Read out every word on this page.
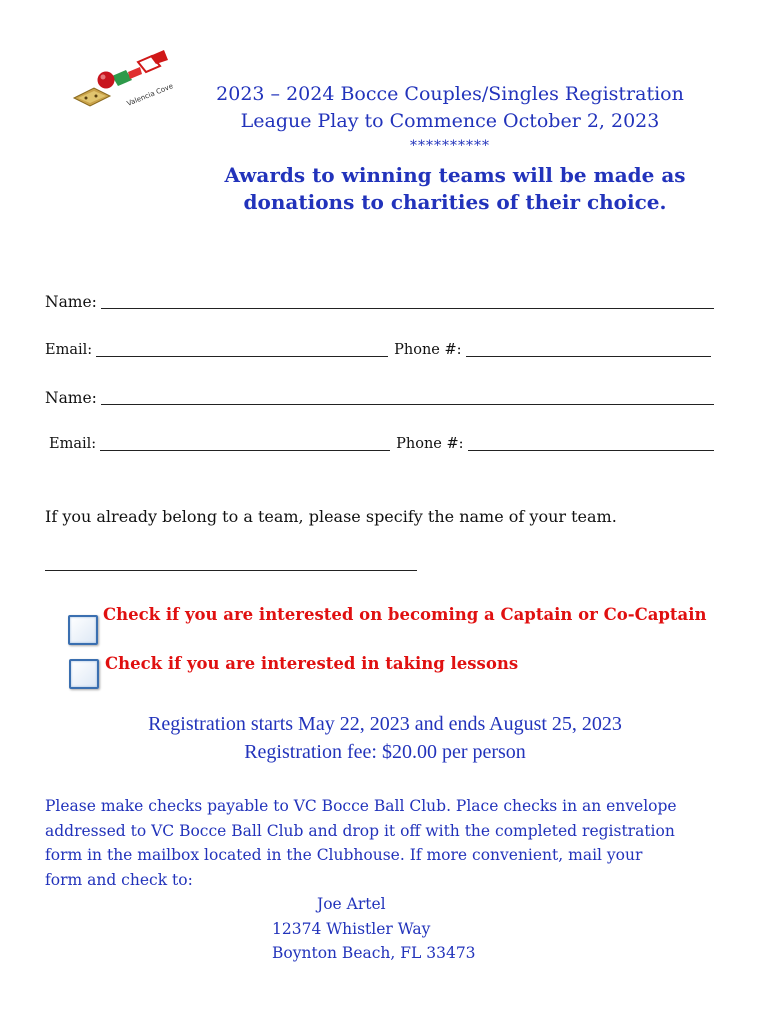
Valencia Cove	2023 – 2024 Bocce Couples/Singles Registration
League Play to Commence October 2, 2023
**********
Awards to winning teams will be made as
donations to charities of their choice.
Name:
Email:	Phone #:
Name:
Email:	Phone #:
If you already belong to a team, please specify the name of your team.
Check if you are interested on becoming a Captain or Co-Captain
Check if you are interested in taking lessons
Registration starts May 22, 2023 and ends August 25, 2023
Registration fee: $20.00 per person
Please make checks payable to VC Bocce Ball Club. Place checks in an envelope
addressed to VC Bocce Ball Club and drop it off with the completed registration
form in the mailbox located in the Clubhouse. If more convenient, mail your
form and check to:
Joe Artel
12374 Whistler Way
Boynton Beach, FL 33473
